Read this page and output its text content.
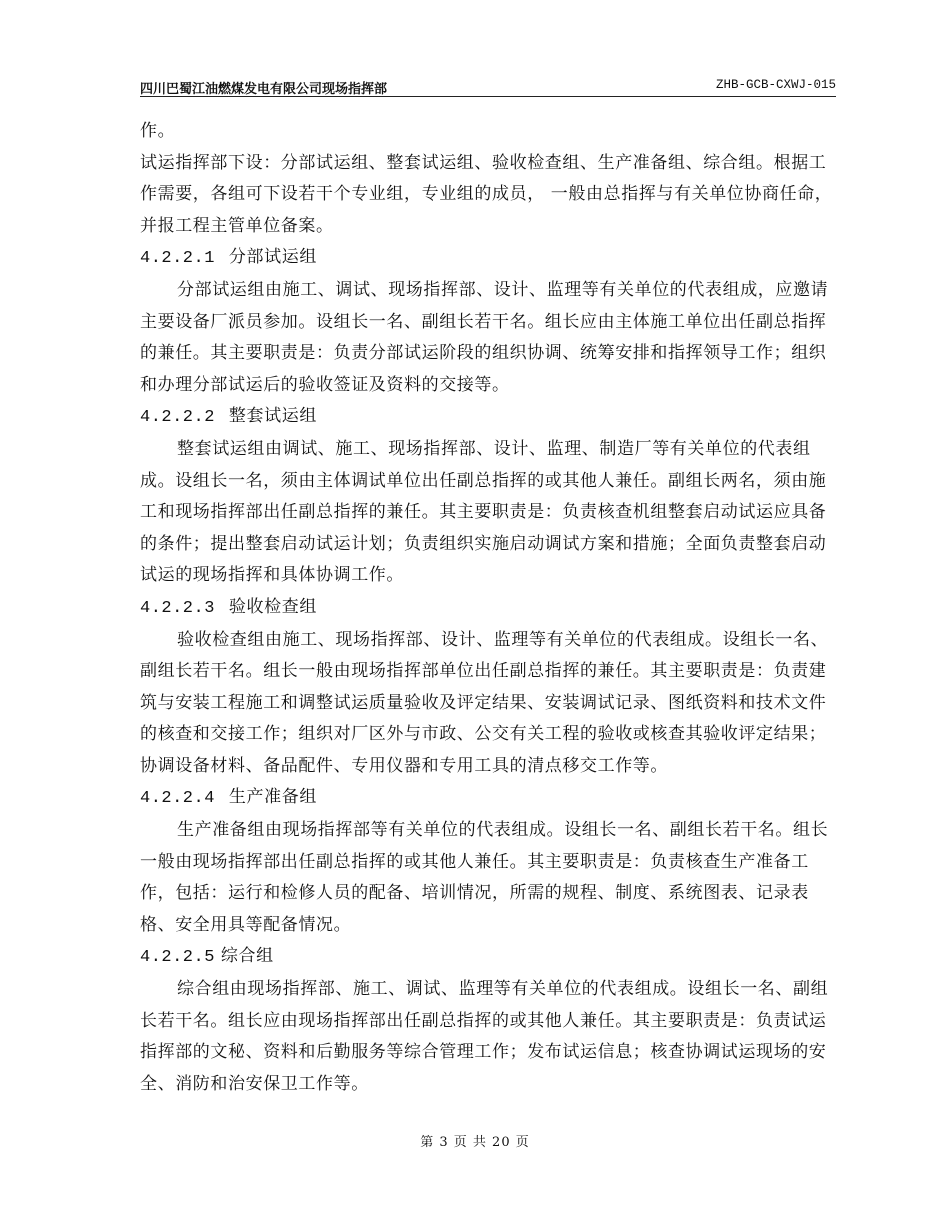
四川巴蜀江油燃煤发电有限公司现场指挥部	ZHB-GCB-CXWJ-015

作。

试运指挥部下设：分部试运组、整套试运组、验收检查组、生产准备组、综合组。根据工作需要，各组可下设若干个专业组，专业组的成员， 一般由总指挥与有关单位协商任命，并报工程主管单位备案。

4.2.2.1 分部试运组

分部试运组由施工、调试、现场指挥部、设计、监理等有关单位的代表组成，应邀请主要设备厂派员参加。设组长一名、副组长若干名。组长应由主体施工单位出任副总指挥的兼任。其主要职责是：负责分部试运阶段的组织协调、统筹安排和指挥领导工作；组织和办理分部试运后的验收签证及资料的交接等。

4.2.2.2 整套试运组

整套试运组由调试、施工、现场指挥部、设计、监理、制造厂等有关单位的代表组成。设组长一名，须由主体调试单位出任副总指挥的或其他人兼任。副组长两名，须由施工和现场指挥部出任副总指挥的兼任。其主要职责是：负责核查机组整套启动试运应具备的条件；提出整套启动试运计划；负责组织实施启动调试方案和措施；全面负责整套启动试运的现场指挥和具体协调工作。

4.2.2.3 验收检查组

验收检查组由施工、现场指挥部、设计、监理等有关单位的代表组成。设组长一名、副组长若干名。组长一般由现场指挥部单位出任副总指挥的兼任。其主要职责是：负责建筑与安装工程施工和调整试运质量验收及评定结果、安装调试记录、图纸资料和技术文件的核查和交接工作；组织对厂区外与市政、公交有关工程的验收或核查其验收评定结果；协调设备材料、备品配件、专用仪器和专用工具的清点移交工作等。

4.2.2.4 生产准备组

生产准备组由现场指挥部等有关单位的代表组成。设组长一名、副组长若干名。组长一般由现场指挥部出任副总指挥的或其他人兼任。其主要职责是：负责核查生产准备工作，包括：运行和检修人员的配备、培训情况，所需的规程、制度、系统图表、记录表格、安全用具等配备情况。

4.2.2.5 综合组

综合组由现场指挥部、施工、调试、监理等有关单位的代表组成。设组长一名、副组长若干名。组长应由现场指挥部出任副总指挥的或其他人兼任。其主要职责是：负责试运指挥部的文秘、资料和后勤服务等综合管理工作；发布试运信息；核查协调试运现场的安全、消防和治安保卫工作等。

第 3 页 共 20 页
